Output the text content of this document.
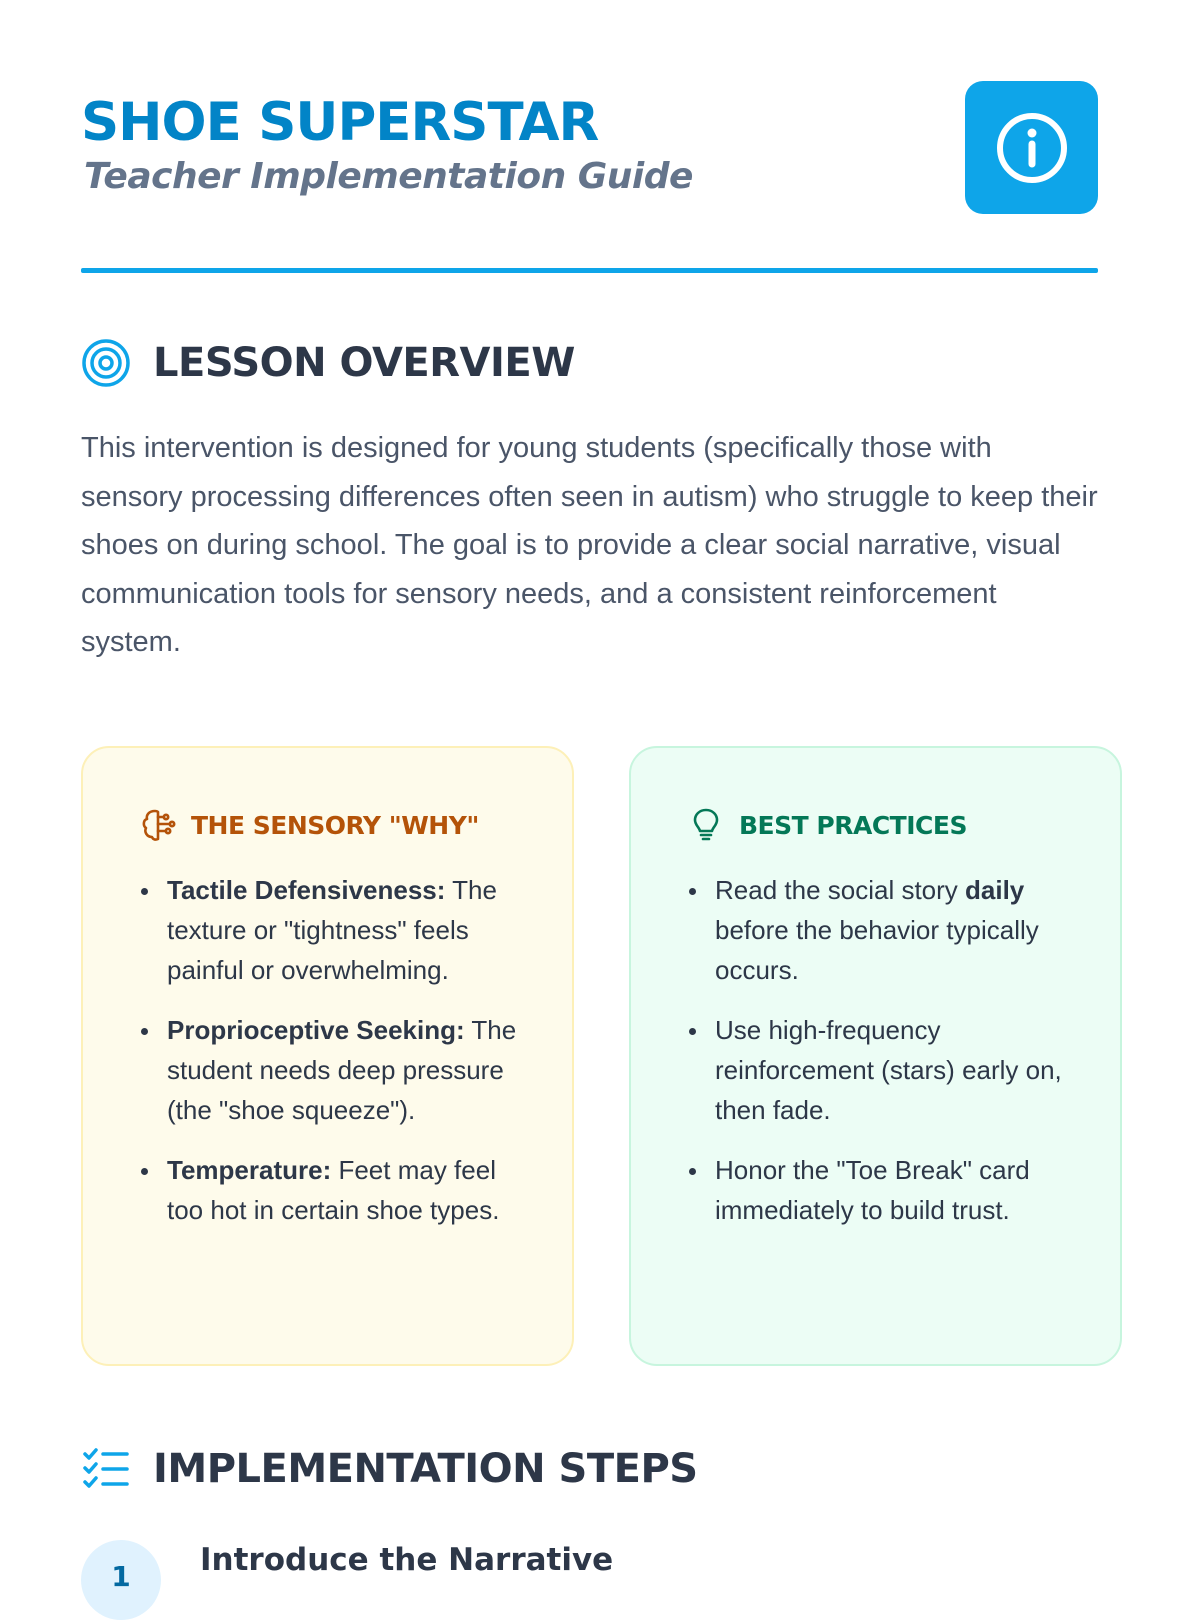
SHOE SUPERSTAR
Teacher Implementation Guide
LESSON OVERVIEW

This intervention is designed for young students (specifically those with sensory processing differences often seen in autism) who struggle to keep their shoes on during school. The goal is to provide a clear social narrative, visual communication tools for sensory needs, and a consistent reinforcement system.

THE SENSORY "WHY"
Tactile Defensiveness: The texture or "tightness" feels painful or overwhelming.
Proprioceptive Seeking: The student needs deep pressure (the "shoe squeeze").
Temperature: Feet may feel too hot in certain shoe types.
BEST PRACTICES
Read the social story daily before the behavior typically occurs.
Use high-frequency reinforcement (stars) early on, then fade.
Honor the "Toe Break" card immediately to build trust.
IMPLEMENTATION STEPS
1	Introduce the Narrative
